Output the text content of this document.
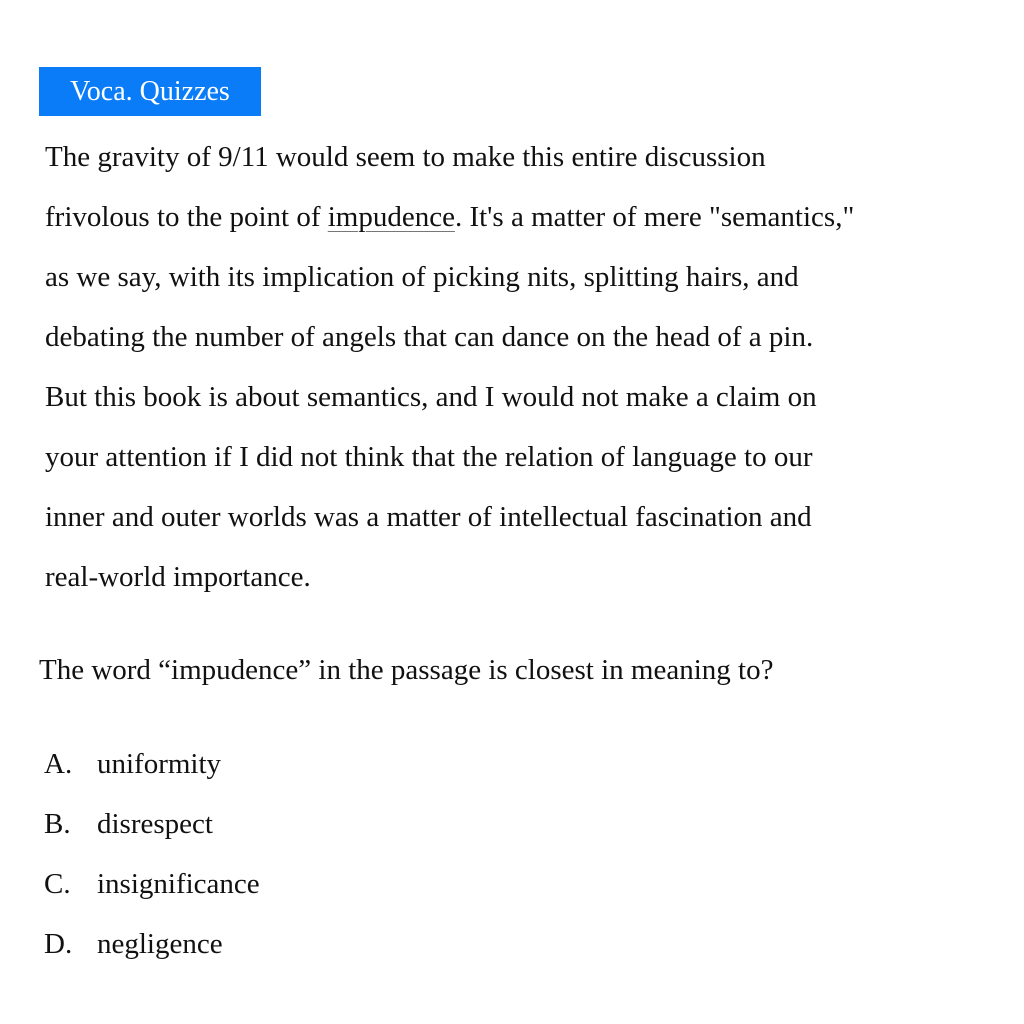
Voca. Quizzes
The gravity of 9/11 would seem to make this entire discussion
frivolous to the point of impudence. It's a matter of mere "semantics,"
as we say, with its implication of picking nits, splitting hairs, and
debating the number of angels that can dance on the head of a pin.
But this book is about semantics, and I would not make a claim on
your attention if I did not think that the relation of language to our
inner and outer worlds was a matter of intellectual fascination and
real-world importance.
The word “impudence” in the passage is closest in meaning to?
A. uniformity
B. disrespect
C. insignificance
D. negligence
